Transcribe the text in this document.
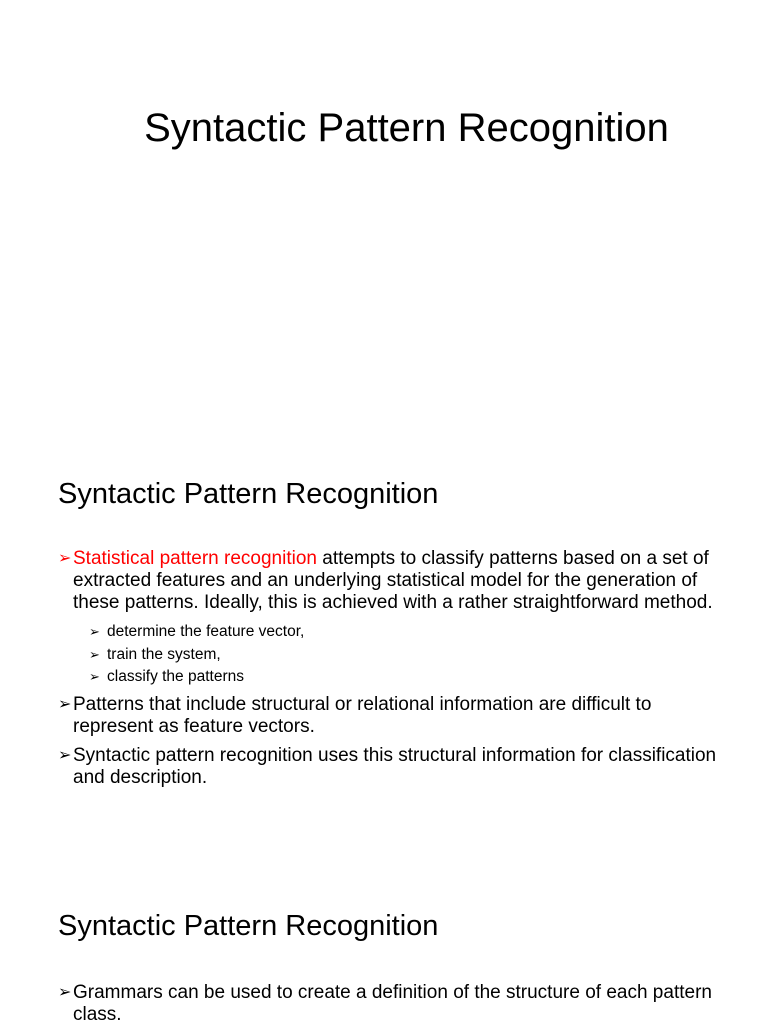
Syntactic Pattern Recognition
Syntactic Pattern Recognition
➢ Statistical pattern recognition attempts to classify patterns based on a set of extracted features and an underlying statistical model for the generation of these patterns. Ideally, this is achieved with a rather straightforward method.
➢ determine the feature vector,
➢ train the system,
➢ classify the patterns
➢ Patterns that include structural or relational information are difficult to represent as feature vectors.
➢ Syntactic pattern recognition uses this structural information for classification and description.
Syntactic Pattern Recognition
➢ Grammars can be used to create a definition of the structure of each pattern class.
